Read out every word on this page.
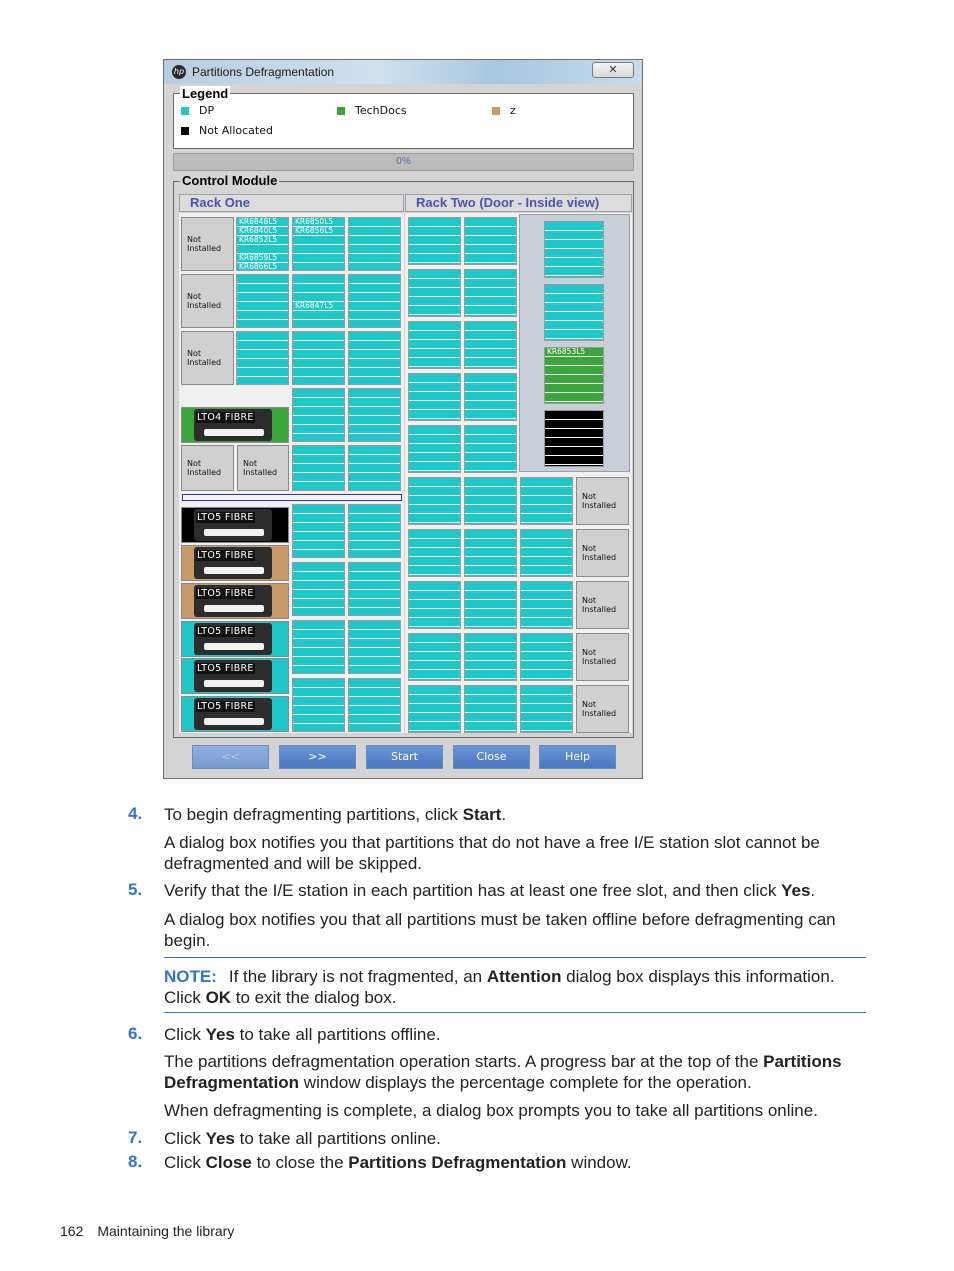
hp Partitions Defragmentation	✕
Legend
DP	TechDocs	z
Not Allocated
0%
Control Module
Rack One	Rack Two (Door - Inside view)
Not Installed
Not Installed
Not Installed
Not Installed
Not Installed
KR6848L5
KR6840L5
KR6852L5
KR6859L5
KR6866L5
KR6850L5
KR6856L5
KR6847L5
LTO4 FIBRE
LTO5 FIBRE
LTO5 FIBRE
LTO5 FIBRE
LTO5 FIBRE
LTO5 FIBRE
LTO5 FIBRE
KR6853L5
Not Installed
Not Installed
Not Installed
Not Installed
Not Installed
<<	>>	Start	Close	Help
4. To begin defragmenting partitions, click Start.
A dialog box notifies you that partitions that do not have a free I/E station slot cannot be defragmented and will be skipped.
5. Verify that the I/E station in each partition has at least one free slot, and then click Yes.
A dialog box notifies you that all partitions must be taken offline before defragmenting can begin.
NOTE: If the library is not fragmented, an Attention dialog box displays this information. Click OK to exit the dialog box.
6. Click Yes to take all partitions offline.
The partitions defragmentation operation starts. A progress bar at the top of the Partitions Defragmentation window displays the percentage complete for the operation.
When defragmenting is complete, a dialog box prompts you to take all partitions online.
7. Click Yes to take all partitions online.
8. Click Close to close the Partitions Defragmentation window.
162 Maintaining the library
